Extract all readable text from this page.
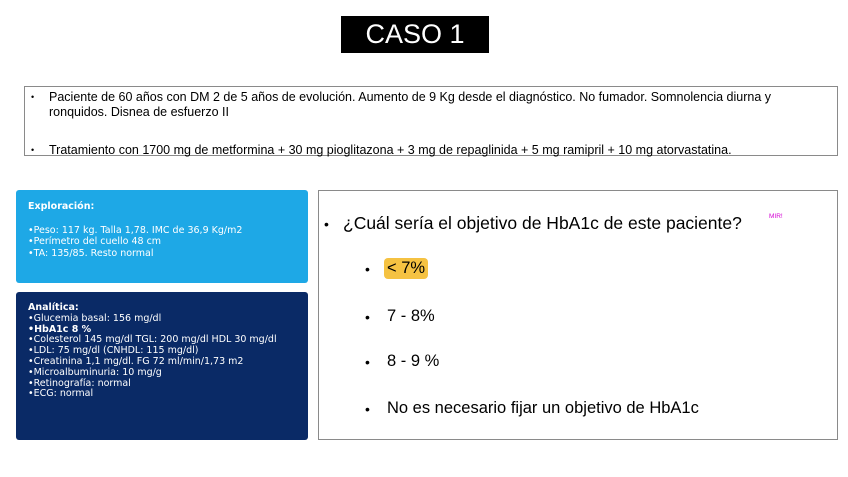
CASO 1
•	Paciente de 60 años con DM 2 de 5 años de evolución. Aumento de 9 Kg desde el diagnóstico. No fumador. Somnolencia diurna y ronquidos. Disnea de esfuerzo II
•	Tratamiento con 1700 mg de metformina + 30 mg pioglitazona + 3 mg de repaglinida + 5 mg ramipril + 10 mg atorvastatina.
Exploración:
•Peso: 117 kg. Talla 1,78. IMC de 36,9 Kg/m2
•Perímetro del cuello 48 cm
•TA: 135/85. Resto normal
Analítica:
•Glucemia basal: 156 mg/dl
•HbA1c 8 %
•Colesterol 145 mg/dl TGL: 200 mg/dl HDL 30 mg/dl
•LDL: 75 mg/dl (CNHDL: 115 mg/dl)
•Creatinina 1,1 mg/dl. FG 72 ml/min/1,73 m2
•Microalbuminuria: 10 mg/g
•Retinografía: normal
•ECG: normal
MIR!
• ¿Cuál sería el objetivo de HbA1c de este paciente?
•	< 7%
•	7 - 8%
•	8 - 9 %
•	No es necesario fijar un objetivo de HbA1c
